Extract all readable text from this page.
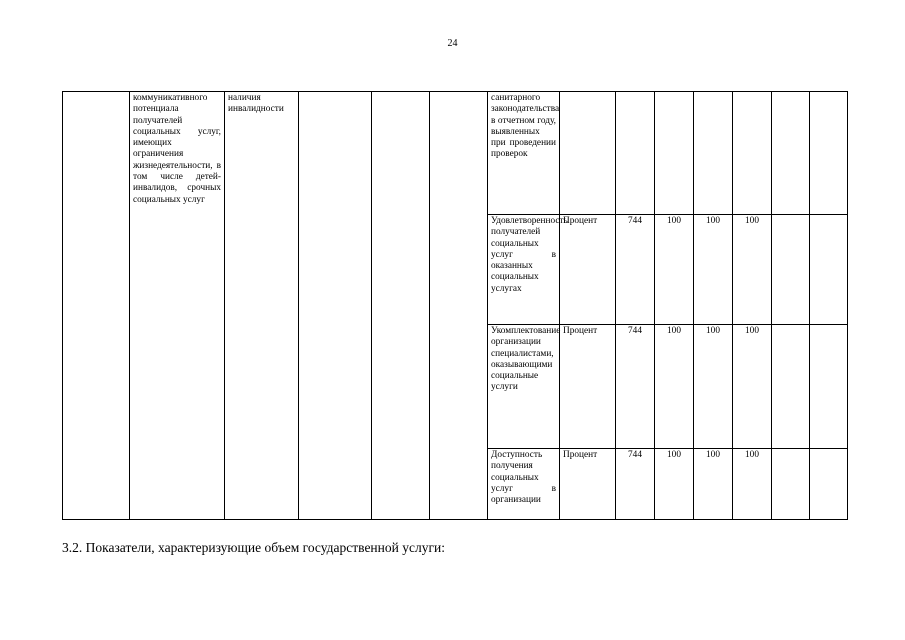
24
	коммуникативного потенциала получателей социальных услуг, имеющих ограничения жизнедеятельности, в том числе детей-инвалидов, срочных социальных услуг	наличия инвалидности				санитарного законодательства в отчетном году, выявленных при проведении проверок							
						Удовлетворенность получателей социальных услуг в оказанных социальных услугах	Процент	744	100	100	100		
						Укомплектование организации специалистами, оказывающими социальные услуги	Процент	744	100	100	100		
						Доступность получения социальных услуг в организации	Процент	744	100	100	100		
3.2. Показатели, характеризующие объем государственной услуги:
